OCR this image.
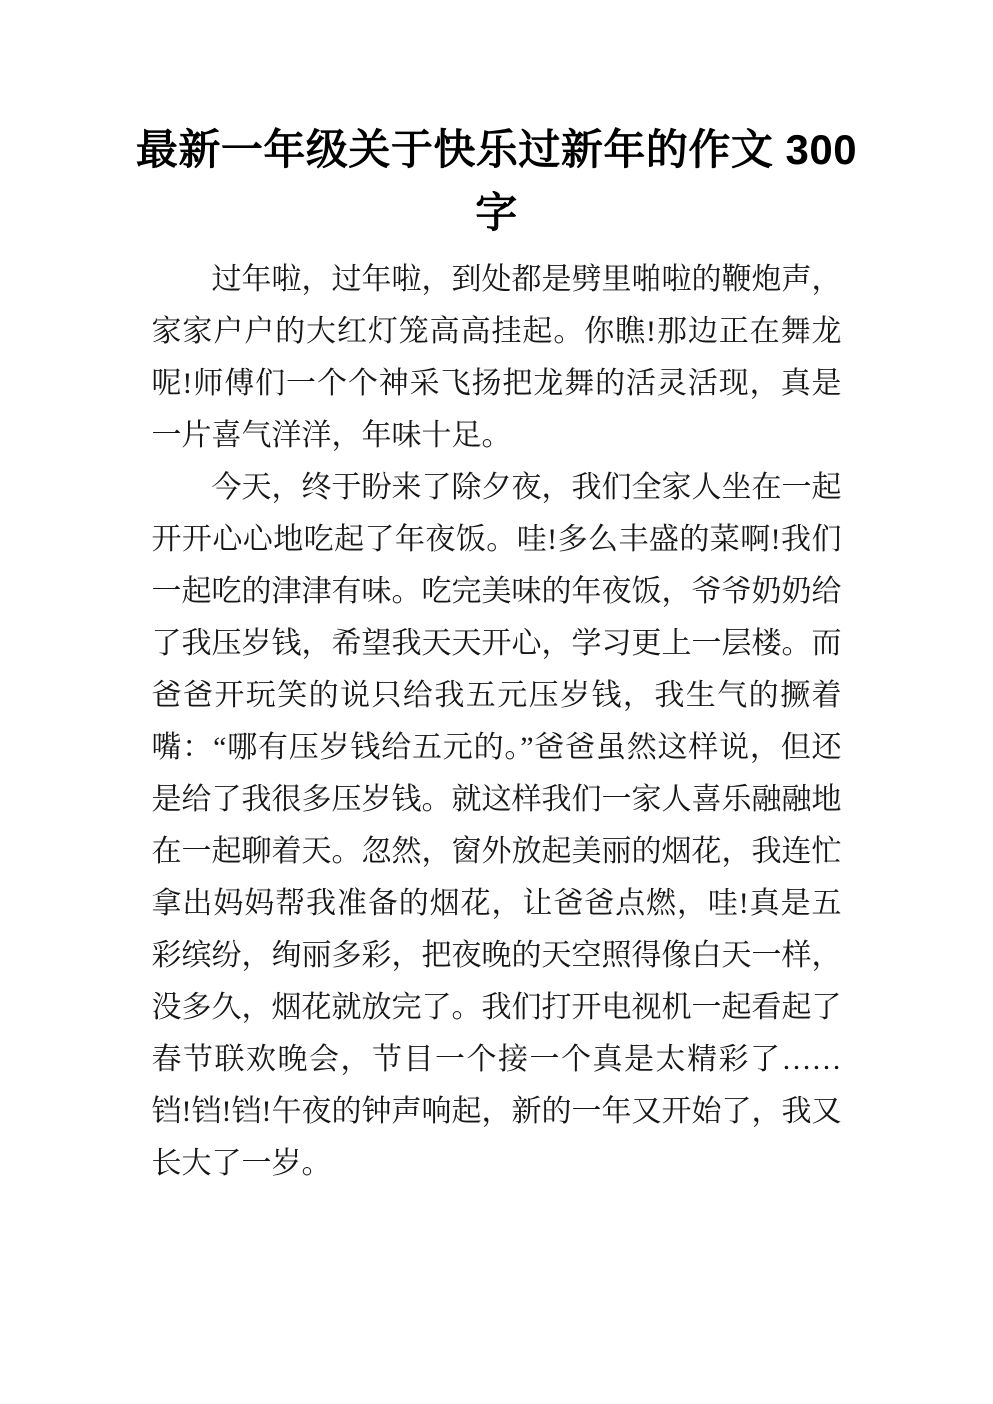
最新一年级关于快乐过新年的作文 300 字

过年啦，过年啦，到处都是劈里啪啦的鞭炮声，家家户户的大红灯笼高高挂起。你瞧!那边正在舞龙呢!师傅们一个个神采飞扬把龙舞的活灵活现，真是一片喜气洋洋，年味十足。

今天，终于盼来了除夕夜，我们全家人坐在一起开开心心地吃起了年夜饭。哇!多么丰盛的菜啊!我们一起吃的津津有味。吃完美味的年夜饭，爷爷奶奶给了我压岁钱，希望我天天开心，学习更上一层楼。而爸爸开玩笑的说只给我五元压岁钱，我生气的撅着嘴：“哪有压岁钱给五元的。”爸爸虽然这样说，但还是给了我很多压岁钱。就这样我们一家人喜乐融融地在一起聊着天。忽然，窗外放起美丽的烟花，我连忙拿出妈妈帮我准备的烟花，让爸爸点燃，哇!真是五彩缤纷，绚丽多彩，把夜晚的天空照得像白天一样，没多久，烟花就放完了。我们打开电视机一起看起了春节联欢晚会，节目一个接一个真是太精彩了……铛!铛!铛!午夜的钟声响起，新的一年又开始了，我又长大了一岁。
